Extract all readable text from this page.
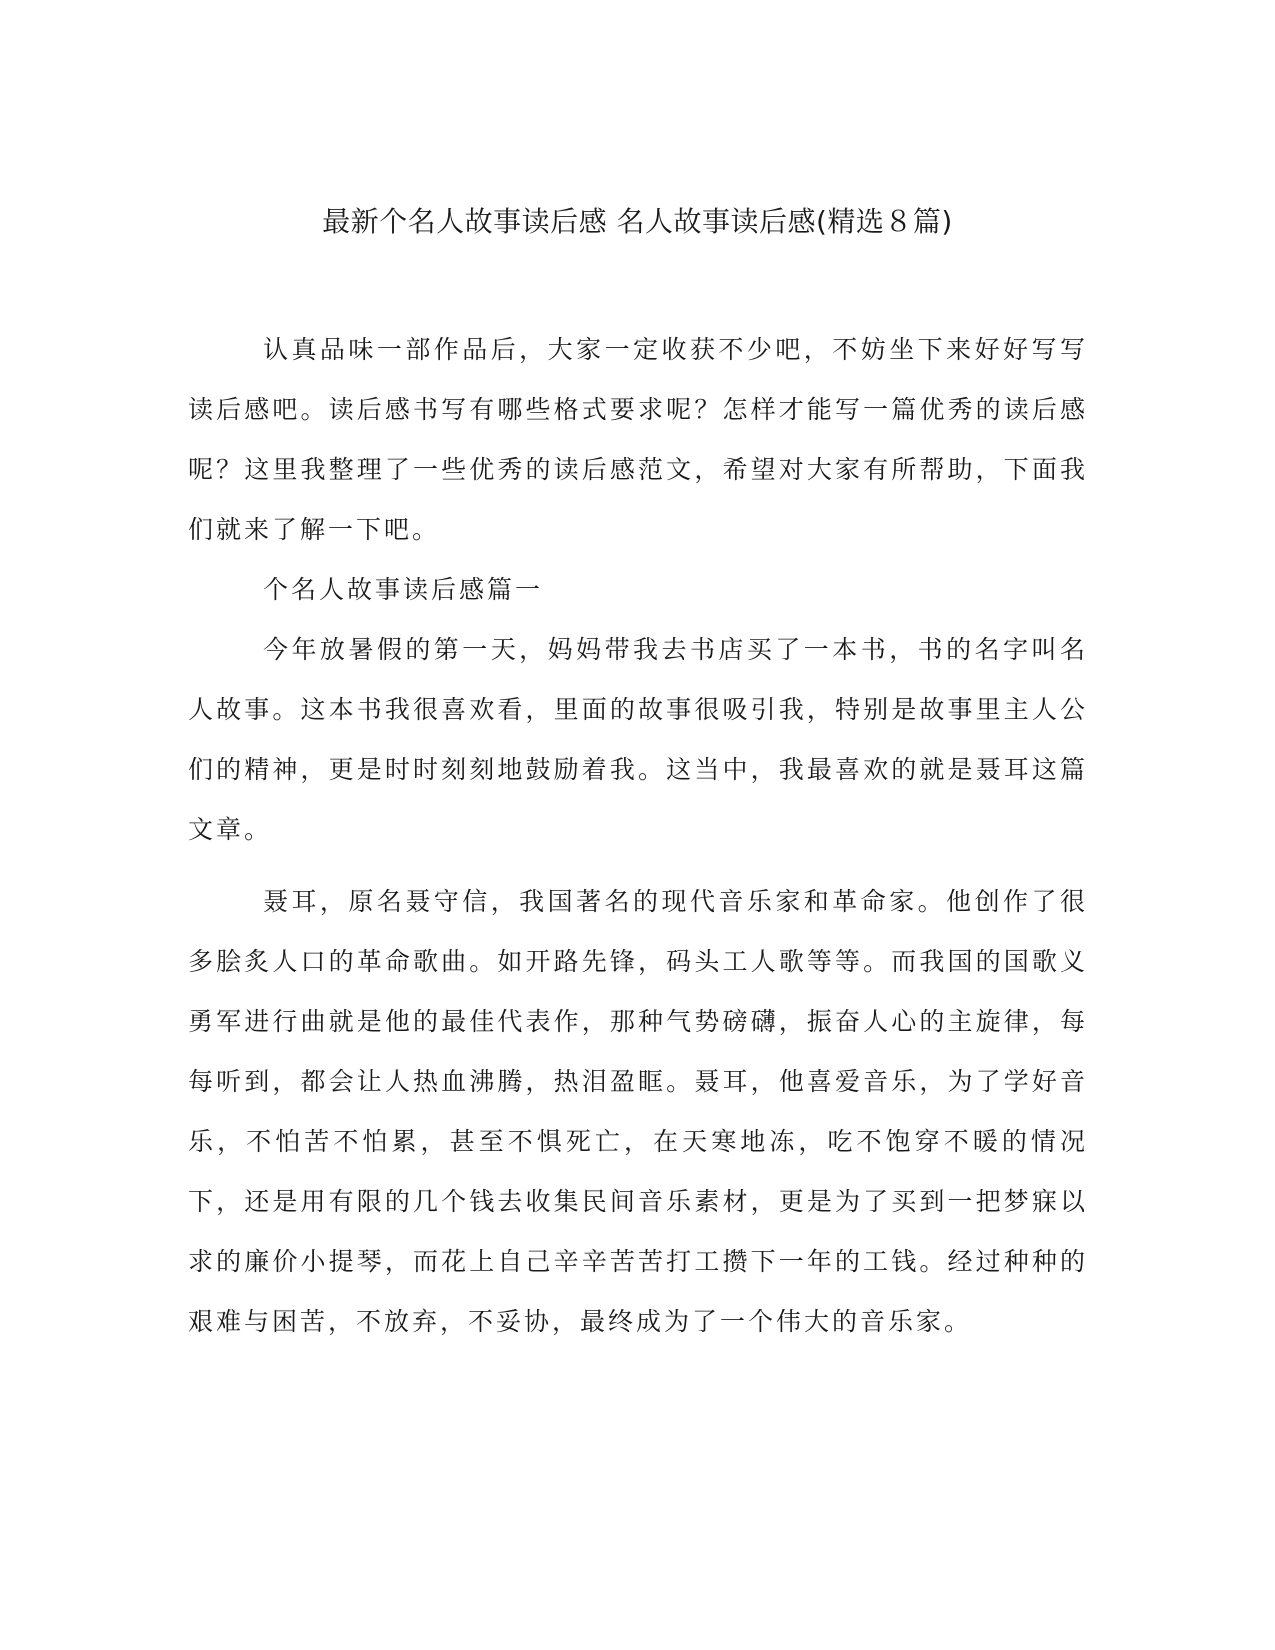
最新个名人故事读后感 名人故事读后感(精选８篇)

认真品味一部作品后，大家一定收获不少吧，不妨坐下来好好写写读后感吧。读后感书写有哪些格式要求呢？怎样才能写一篇优秀的读后感呢？这里我整理了一些优秀的读后感范文，希望对大家有所帮助，下面我们就来了解一下吧。

个名人故事读后感篇一

今年放暑假的第一天，妈妈带我去书店买了一本书，书的名字叫名人故事。这本书我很喜欢看，里面的故事很吸引我，特别是故事里主人公们的精神，更是时时刻刻地鼓励着我。这当中，我最喜欢的就是聂耳这篇文章。

聂耳，原名聂守信，我国著名的现代音乐家和革命家。他创作了很多脍炙人口的革命歌曲。如开路先锋，码头工人歌等等。而我国的国歌义勇军进行曲就是他的最佳代表作，那种气势磅礴，振奋人心的主旋律，每每听到，都会让人热血沸腾，热泪盈眶。聂耳，他喜爱音乐，为了学好音乐，不怕苦不怕累，甚至不惧死亡，在天寒地冻，吃不饱穿不暖的情况下，还是用有限的几个钱去收集民间音乐素材，更是为了买到一把梦寐以求的廉价小提琴，而花上自己辛辛苦苦打工攒下一年的工钱。经过种种的艰难与困苦，不放弃，不妥协，最终成为了一个伟大的音乐家。
